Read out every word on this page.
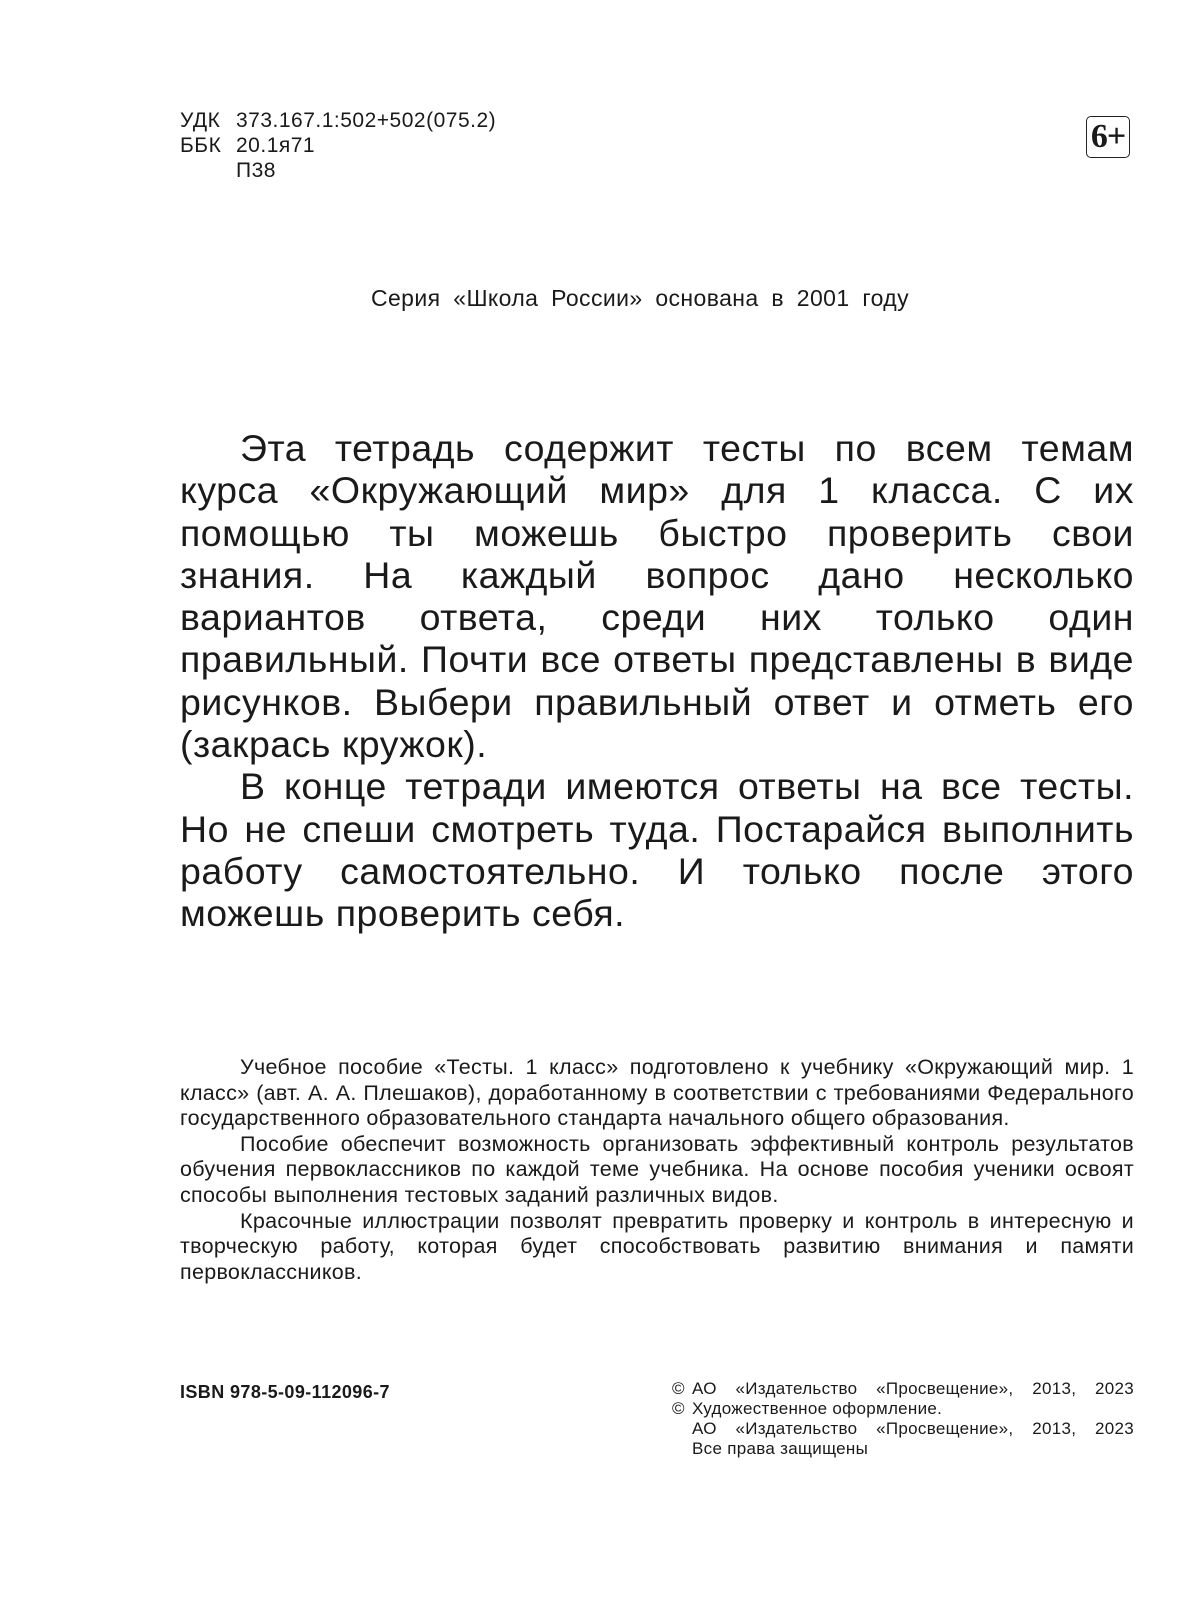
УДК 373.167.1:502+502(075.2)
ББК 20.1я71
П38
6+
Серия «Школа России» основана в 2001 году

Эта тетрадь содержит тесты по всем темам курса «Окружающий мир» для 1 класса. С их помощью ты можешь быстро проверить свои знания. На каждый вопрос дано несколько вариантов ответа, среди них только один правильный. Почти все ответы представлены в виде рисунков. Выбери правильный ответ и отметь его (закрась кружок).

В конце тетради имеются ответы на все тесты. Но не спеши смотреть туда. Постарайся выполнить работу самостоятельно. И только после этого можешь проверить себя.

Учебное пособие «Тесты. 1 класс» подготовлено к учебнику «Окружающий мир. 1 класс» (авт. А. А. Плешаков), доработанному в соответствии с требованиями Федерального государственного образовательного стандарта начального общего образования.

Пособие обеспечит возможность организовать эффективный контроль результатов обучения первоклассников по каждой теме учебника. На основе пособия ученики освоят способы выполнения тестовых заданий различных видов.

Красочные иллюстрации позволят превратить проверку и контроль в интересную и творческую работу, которая будет способствовать развитию внимания и памяти первоклассников.

ISBN 978-5-09-112096-7	© АО «Издательство «Просвещение», 2013, 2023
© Художественное оформление.
АО «Издательство «Просвещение», 2013, 2023
Все права защищены
